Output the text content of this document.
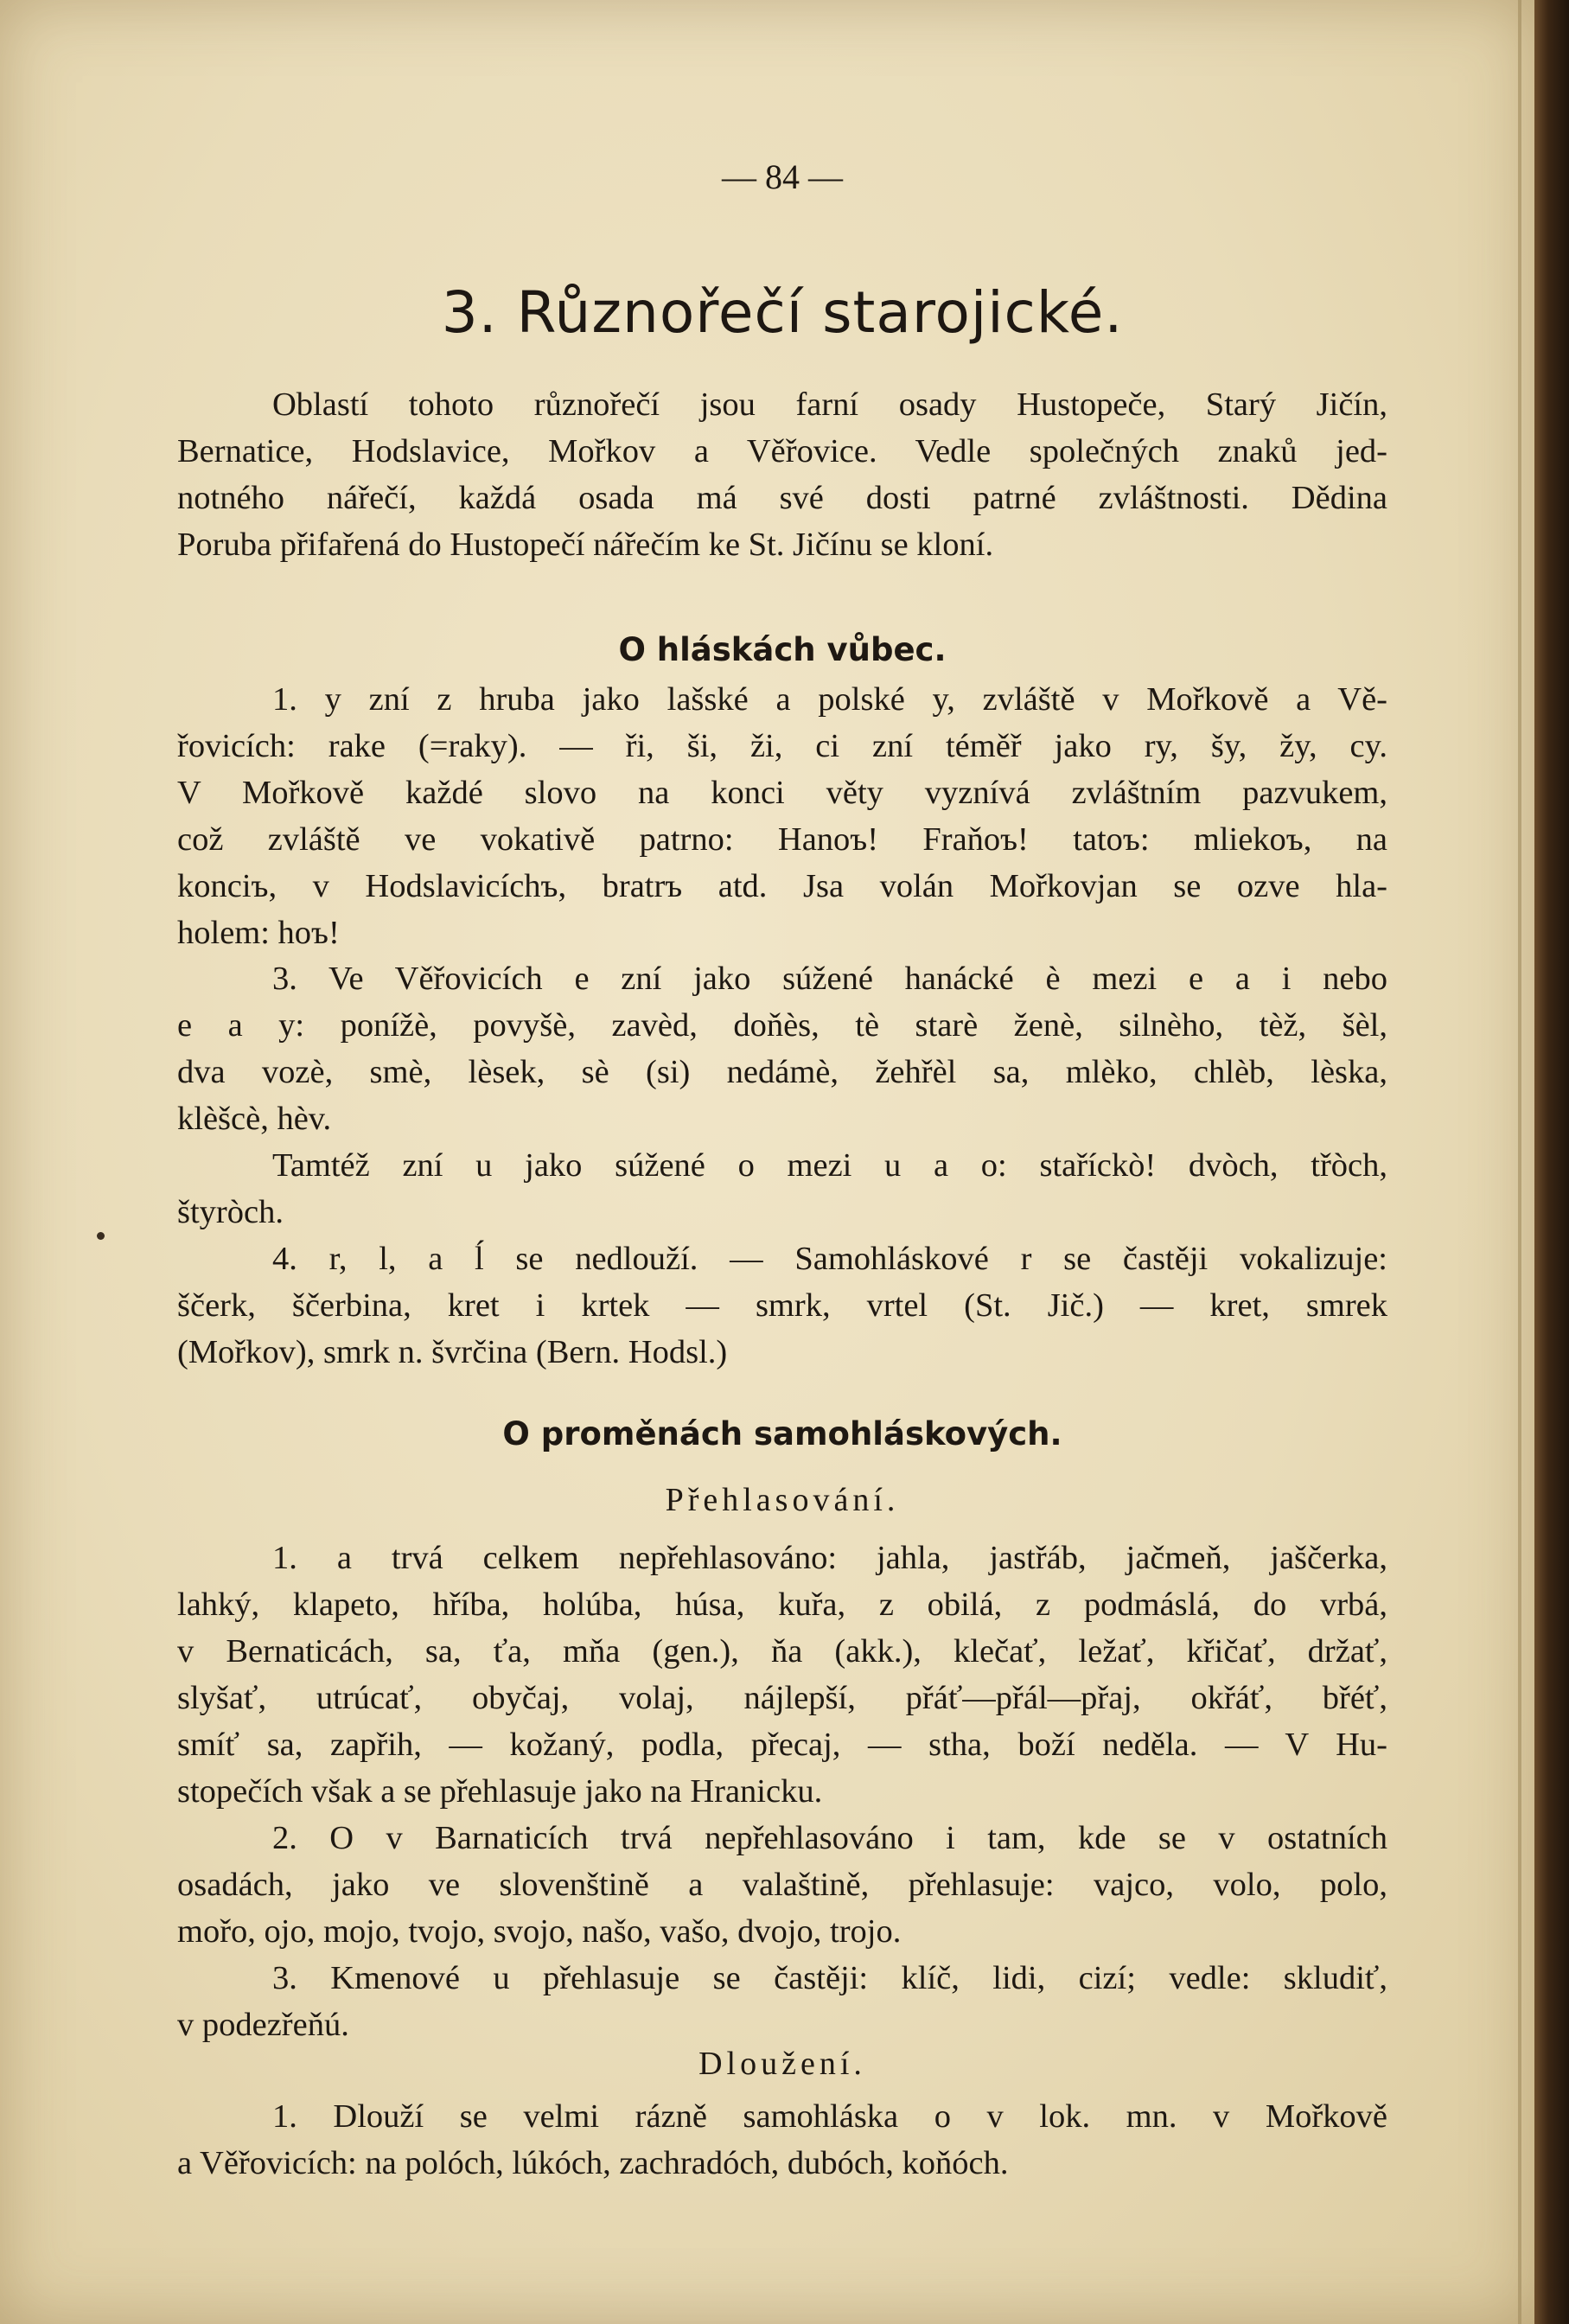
— 84 —
3. Různořečí starojické.
Oblastí tohoto různořečí jsou farní osady Hustopeče, Starý Jičín,
Bernatice, Hodslavice, Mořkov a Věřovice. Vedle společných znaků jed-
notného nářečí, každá osada má své dosti patrné zvláštnosti. Dědina
Poruba přifařená do Hustopečí nářečím ke St. Jičínu se kloní.
O hláskách vůbec.
1. y zní z hruba jako lašské a polské y, zvláště v Mořkově a Vě-
řovicích: rake (=raky). — ři, ši, ži, ci zní téměř jako ry, šy, žy, cy.
V Mořkově každé slovo na konci věty vyznívá zvláštním pazvukem,
což zvláště ve vokativě patrno: Hanoъ! Fraňoъ! tatoъ: mliekoъ, na
konciъ, v Hodslavicíchъ, bratrъ atd. Jsa volán Mořkovjan se ozve hla-
holem: hoъ!
3. Ve Věřovicích e zní jako súžené hanácké è mezi e a i nebo
e a y: ponížè, povyšè, zavèd, doňès, tè starè ženè, silnèho, tèž, šèl,
dva vozè, smè, lèsek, sè (si) nedámè, žehřèl sa, mlèko, chlèb, lèska,
klèšcè, hèv.
Tamtéž zní u jako súžené o mezi u a o: staříckò! dvòch, třòch,
štyròch.
4. r, l, a ĺ se nedlouží. — Samohláskové r se častěji vokalizuje:
ščerk, ščerbina, kret i krtek — smrk, vrtel (St. Jič.) — kret, smrek
(Mořkov), smrk n. švrčina (Bern. Hodsl.)
O proměnách samohláskových.
Přehlasování.
1. a trvá celkem nepřehlasováno: jahla, jastřáb, jačmeň, jaščerka,
lahký, klapeto, hříba, holúba, húsa, kuřa, z obilá, z podmáslá, do vrbá,
v Bernaticách, sa, ťa, mňa (gen.), ňa (akk.), klečať, ležať, křičať, držať,
slyšať, utrúcať, obyčaj, volaj, nájlepší, přáť—přál—přaj, okřáť, břéť,
smíť sa, zapřih, — kožaný, podla, přecaj, — stha, boží neděla. — V Hu-
stopečích však a se přehlasuje jako na Hranicku.
2. O v Barnaticích trvá nepřehlasováno i tam, kde se v ostatních
osadách, jako ve slovenštině a valaštině, přehlasuje: vajco, volo, polo,
mořo, ojo, mojo, tvojo, svojo, našo, vašo, dvojo, trojo.
3. Kmenové u přehlasuje se častěji: klíč, lidi, cizí; vedle: skludiť,
v podezřeňú.
Dloužení.
1. Dlouží se velmi rázně samohláska o v lok. mn. v Mořkově
a Věřovicích: na polóch, lúkóch, zachradóch, dubóch, koňóch.
